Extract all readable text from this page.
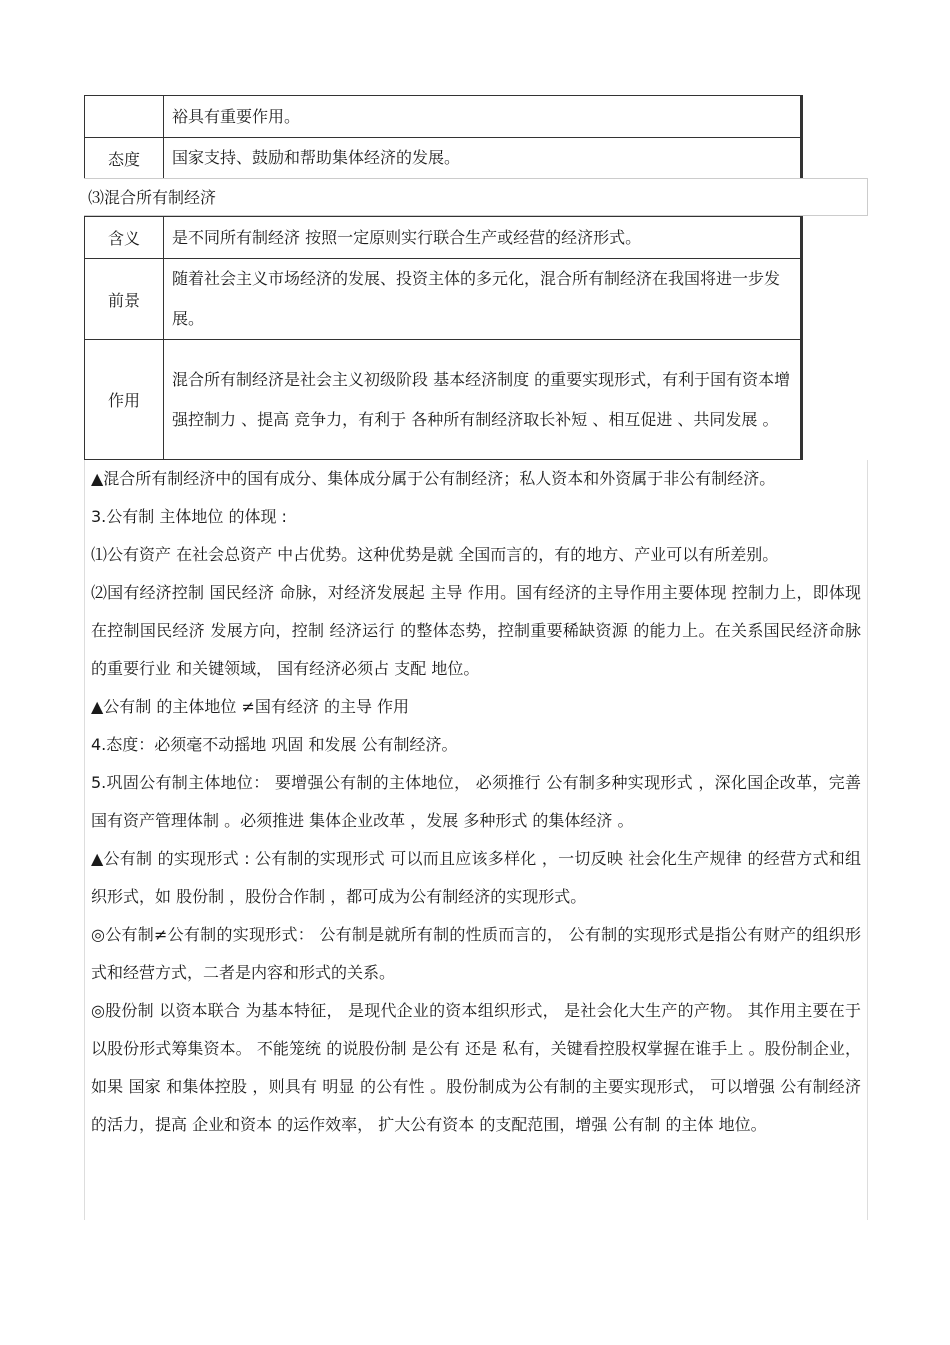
	裕具有重要作用。
态度	国家支持、鼓励和帮助集体经济的发展。
⑶混合所有制经济
含义	是不同所有制经济 按照一定原则实行联合生产或经营的经济形式。
前景	随着社会主义市场经济的发展、投资主体的多元化，混合所有制经济在我国将进一步发展。
作用	混合所有制经济是社会主义初级阶段 基本经济制度 的重要实现形式，有利于国有资本增强控制力 、提高 竞争力，有利于 各种所有制经济取长补短 、相互促进 、共同发展 。
▲混合所有制经济中的国有成分、集体成分属于公有制经济；私人资本和外资属于非公有制经济。
3.公有制 主体地位 的体现 :
⑴公有资产 在社会总资产 中占优势。这种优势是就 全国而言的，有的地方、产业可以有所差别。
⑵国有经济控制 国民经济 命脉，对经济发展起 主导 作用。国有经济的主导作用主要体现 控制力上，即体现在控制国民经济 发展方向，控制 经济运行 的整体态势，控制重要稀缺资源 的能力上。在关系国民经济命脉 的重要行业 和关键领域， 国有经济必须占 支配 地位。
▲公有制 的主体地位 ≠国有经济 的主导 作用
4.态度：必须毫不动摇地 巩固 和发展 公有制经济。
5.巩固公有制主体地位： 要增强公有制的主体地位， 必须推行 公有制多种实现形式 ，深化国企改革，完善 国有资产管理体制 。必须推进 集体企业改革 ，发展 多种形式 的集体经济 。
▲公有制 的实现形式 : 公有制的实现形式 可以而且应该多样化 ，一切反映 社会化生产规律 的经营方式和组织形式，如 股份制 ，股份合作制 ，都可成为公有制经济的实现形式。
◎公有制≠公有制的实现形式： 公有制是就所有制的性质而言的， 公有制的实现形式是指公有财产的组织形式和经营方式，二者是内容和形式的关系。
◎股份制 以资本联合 为基本特征， 是现代企业的资本组织形式， 是社会化大生产的产物。 其作用主要在于以股份形式筹集资本。 不能笼统 的说股份制 是公有 还是 私有，关键看控股权掌握在谁手上 。股份制企业，如果 国家 和集体控股 ，则具有 明显 的公有性 。股份制成为公有制的主要实现形式， 可以增强 公有制经济 的活力，提高 企业和资本 的运作效率， 扩大公有资本 的支配范围，增强 公有制 的主体 地位。
